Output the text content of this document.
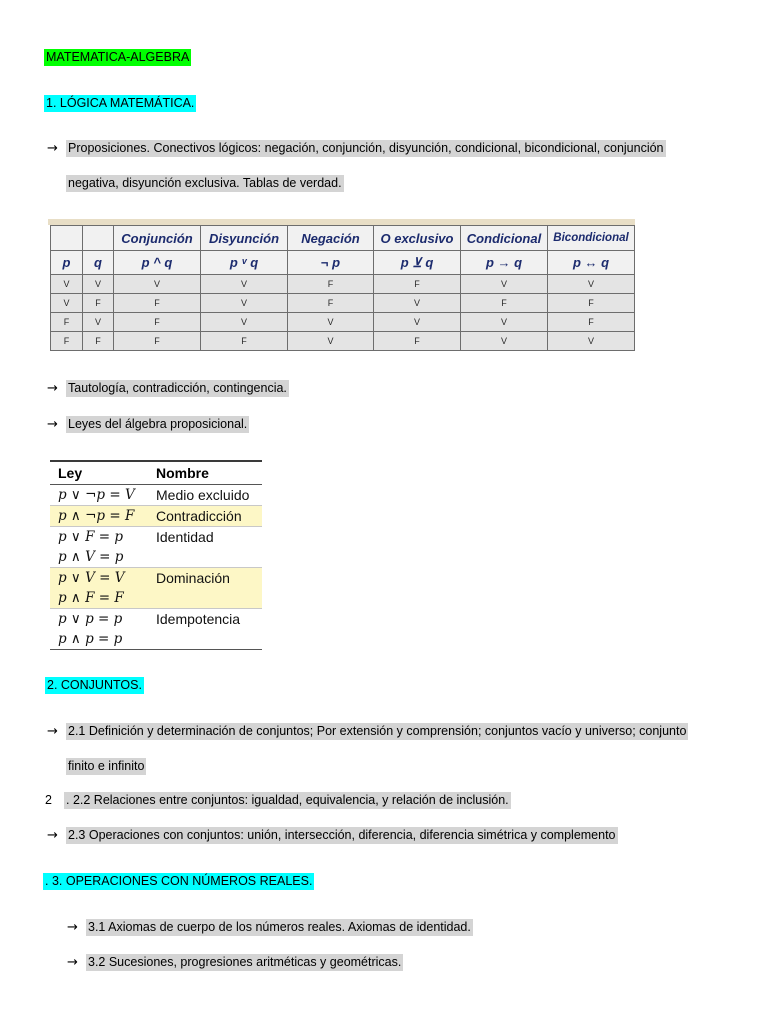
MATEMATICA-ALGEBRA
1. LÓGICA MATEMÁTICA.
→ Proposiciones. Conectivos lógicos: negación, conjunción, disyunción, condicional, bicondicional, conjunción
negativa, disyunción exclusiva. Tablas de verdad.
		Conjunción	Disyunción	Negación	O exclusivo	Condicional	Bicondicional
p	q	p ^ q	p ᵛ q	¬ p	p ⊻ q	p → q	p ↔ q
V	V	V	V	F	F	V	V
V	F	F	V	F	V	F	F
F	V	F	V	V	V	V	F
F	F	F	F	V	F	V	V
→ Tautología, contradicción, contingencia.
→ Leyes del álgebra proposicional.
Ley	Nombre

p ∨ ¬p = V	Medio excluido

p ∧ ¬p = F	Contradicción

p ∨ F = p
p ∧ V = p	Identidad

p ∨ V = V
p ∧ F = F	Dominación

p ∨ p = p
p ∧ p = p	Idempotencia
2. CONJUNTOS.
→ 2.1 Definición y determinación de conjuntos; Por extensión y comprensión; conjuntos vacío y universo; conjunto
finito e infinito
2 . 2.2 Relaciones entre conjuntos: igualdad, equivalencia, y relación de inclusión.
→ 2.3 Operaciones con conjuntos: unión, intersección, diferencia, diferencia simétrica y complemento
. 3. OPERACIONES CON NÚMEROS REALES.
→ 3.1 Axiomas de cuerpo de los números reales. Axiomas de identidad.
→ 3.2 Sucesiones, progresiones aritméticas y geométricas.
